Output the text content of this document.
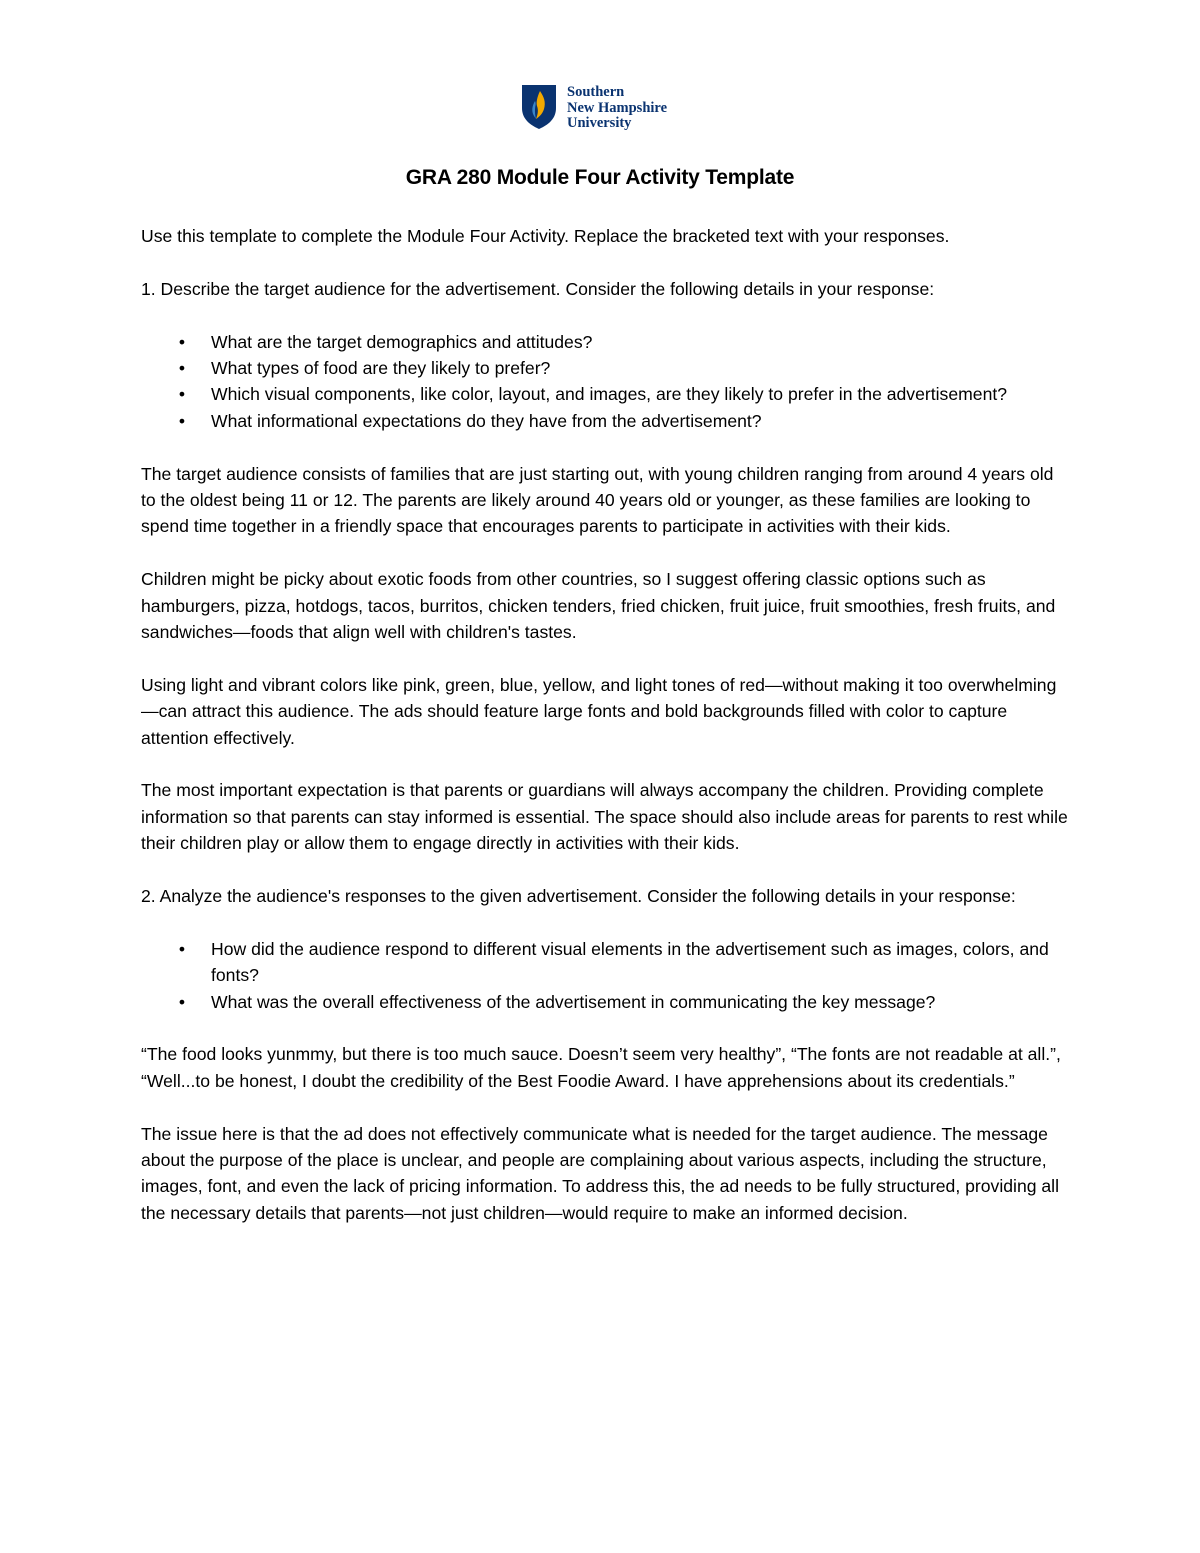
Southern
New Hampshire
University
GRA 280 Module Four Activity Template

Use this template to complete the Module Four Activity. Replace the bracketed text with your responses.

1. Describe the target audience for the advertisement. Consider the following details in your response:

• What are the target demographics and attitudes?
• What types of food are they likely to prefer?
• Which visual components, like color, layout, and images, are they likely to prefer in the advertisement?
• What informational expectations do they have from the advertisement?

The target audience consists of families that are just starting out, with young children ranging from around 4 years old to the oldest being 11 or 12. The parents are likely around 40 years old or younger, as these families are looking to spend time together in a friendly space that encourages parents to participate in activities with their kids.

Children might be picky about exotic foods from other countries, so I suggest offering classic options such as hamburgers, pizza, hotdogs, tacos, burritos, chicken tenders, fried chicken, fruit juice, fruit smoothies, fresh fruits, and sandwiches—foods that align well with children's tastes.

Using light and vibrant colors like pink, green, blue, yellow, and light tones of red—without making it too overwhelming—can attract this audience. The ads should feature large fonts and bold backgrounds filled with color to capture attention effectively.

The most important expectation is that parents or guardians will always accompany the children. Providing complete information so that parents can stay informed is essential. The space should also include areas for parents to rest while their children play or allow them to engage directly in activities with their kids.

2. Analyze the audience's responses to the given advertisement. Consider the following details in your response:

• How did the audience respond to different visual elements in the advertisement such as images, colors, and fonts?
• What was the overall effectiveness of the advertisement in communicating the key message?

“The food looks yunmmy, but there is too much sauce. Doesn’t seem very healthy”, “The fonts are not readable at all.”, “Well...to be honest, I doubt the credibility of the Best Foodie Award. I have apprehensions about its credentials.”

The issue here is that the ad does not effectively communicate what is needed for the target audience. The message about the purpose of the place is unclear, and people are complaining about various aspects, including the structure, images, font, and even the lack of pricing information. To address this, the ad needs to be fully structured, providing all the necessary details that parents—not just children—would require to make an informed decision.
